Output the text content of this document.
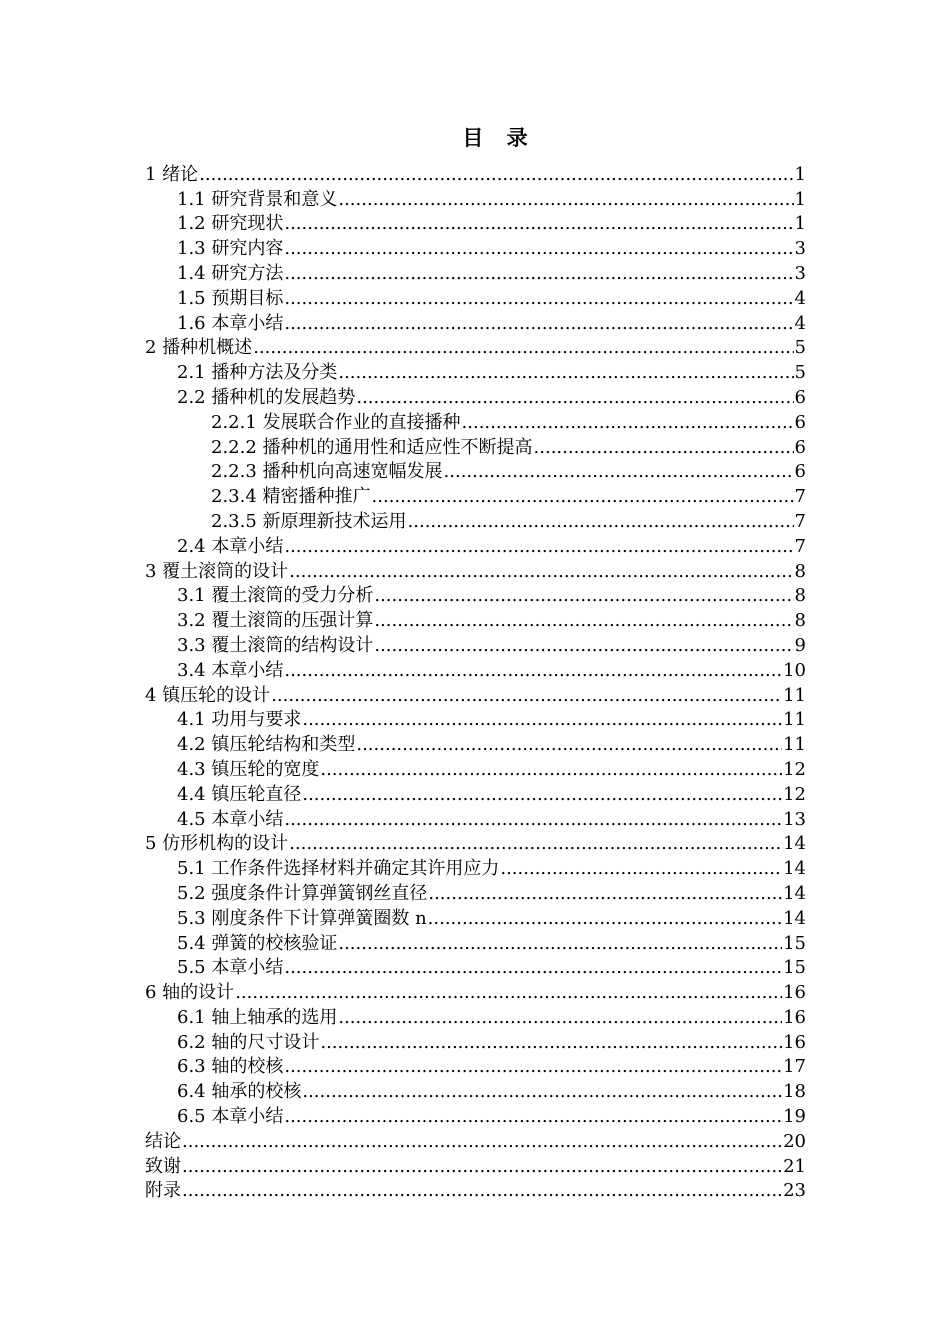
目 录
1 绪论 .....	1
1.1 研究背景和意义 .....	1
1.2 研究现状 .....	1
1.3 研究内容 .....	3
1.4 研究方法 .....	3
1.5 预期目标 .....	4
1.6 本章小结 .....	4
2 播种机概述 .....	5
2.1 播种方法及分类 .....	5
2.2 播种机的发展趋势 .....	6
2.2.1 发展联合作业的直接播种 .....	6
2.2.2 播种机的通用性和适应性不断提高 .....	6
2.2.3 播种机向高速宽幅发展 .....	6
2.3.4 精密播种推广 .....	7
2.3.5 新原理新技术运用 .....	7
2.4 本章小结 .....	7
3 覆土滚筒的设计 .....	8
3.1 覆土滚筒的受力分析 .....	8
3.2 覆土滚筒的压强计算 .....	8
3.3 覆土滚筒的结构设计 .....	9
3.4 本章小结 .....	10
4 镇压轮的设计 .....	11
4.1 功用与要求 .....	11
4.2 镇压轮结构和类型 .....	11
4.3 镇压轮的宽度 .....	12
4.4 镇压轮直径 .....	12
4.5 本章小结 .....	13
5 仿形机构的设计 .....	14
5.1 工作条件选择材料并确定其许用应力 .....	14
5.2 强度条件计算弹簧钢丝直径 .....	14
5.3 刚度条件下计算弹簧圈数 n .....	14
5.4 弹簧的校核验证 .....	15
5.5 本章小结 .....	15
6 轴的设计 .....	16
6.1 轴上轴承的选用 .....	16
6.2 轴的尺寸设计 .....	16
6.3 轴的校核 .....	17
6.4 轴承的校核 .....	18
6.5 本章小结 .....	19
结论 .....	20
致谢 .....	21
附录 .....	23
